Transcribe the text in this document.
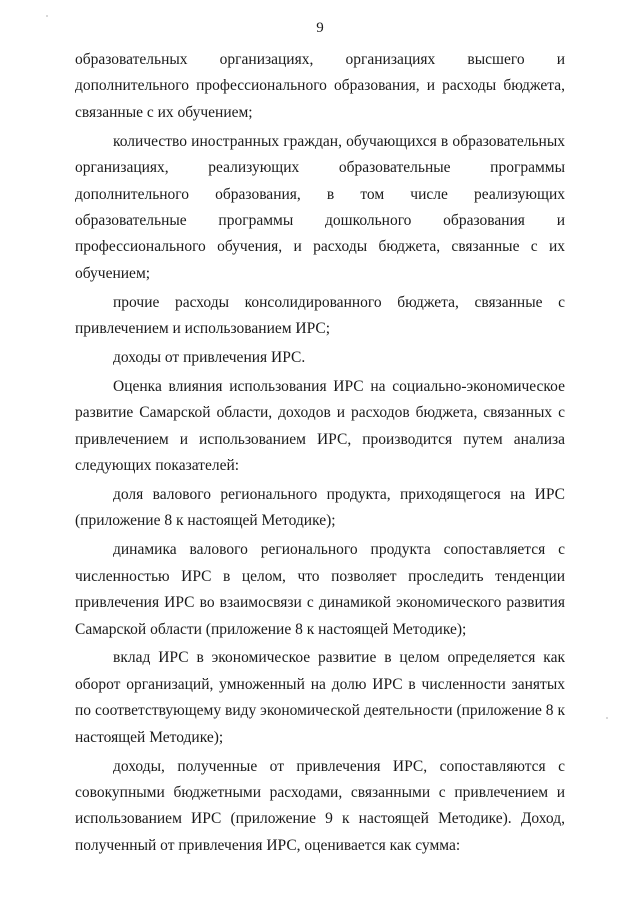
9

образовательных организациях, организациях высшего и дополнительного профессионального образования, и расходы бюджета, связанные с их обучением;

количество иностранных граждан, обучающихся в образовательных организациях, реализующих образовательные программы дополнительного образования, в том числе реализующих образовательные программы дошкольного образования и профессионального обучения, и расходы бюджета, связанные с их обучением;

прочие расходы консолидированного бюджета, связанные с привлечением и использованием ИРС;

доходы от привлечения ИРС.

Оценка влияния использования ИРС на социально-экономическое развитие Самарской области, доходов и расходов бюджета, связанных с привлечением и использованием ИРС, производится путем анализа следующих показателей:

доля валового регионального продукта, приходящегося на ИРС (приложение 8 к настоящей Методике);

динамика валового регионального продукта сопоставляется с численностью ИРС в целом, что позволяет проследить тенденции привлечения ИРС во взаимосвязи с динамикой экономического развития Самарской области (приложение 8 к настоящей Методике);

вклад ИРС в экономическое развитие в целом определяется как оборот организаций, умноженный на долю ИРС в численности занятых по соответствующему виду экономической деятельности (приложение 8 к настоящей Методике);

доходы, полученные от привлечения ИРС, сопоставляются с совокупными бюджетными расходами, связанными с привлечением и использованием ИРС (приложение 9 к настоящей Методике). Доход, полученный от привлечения ИРС, оценивается как сумма:
